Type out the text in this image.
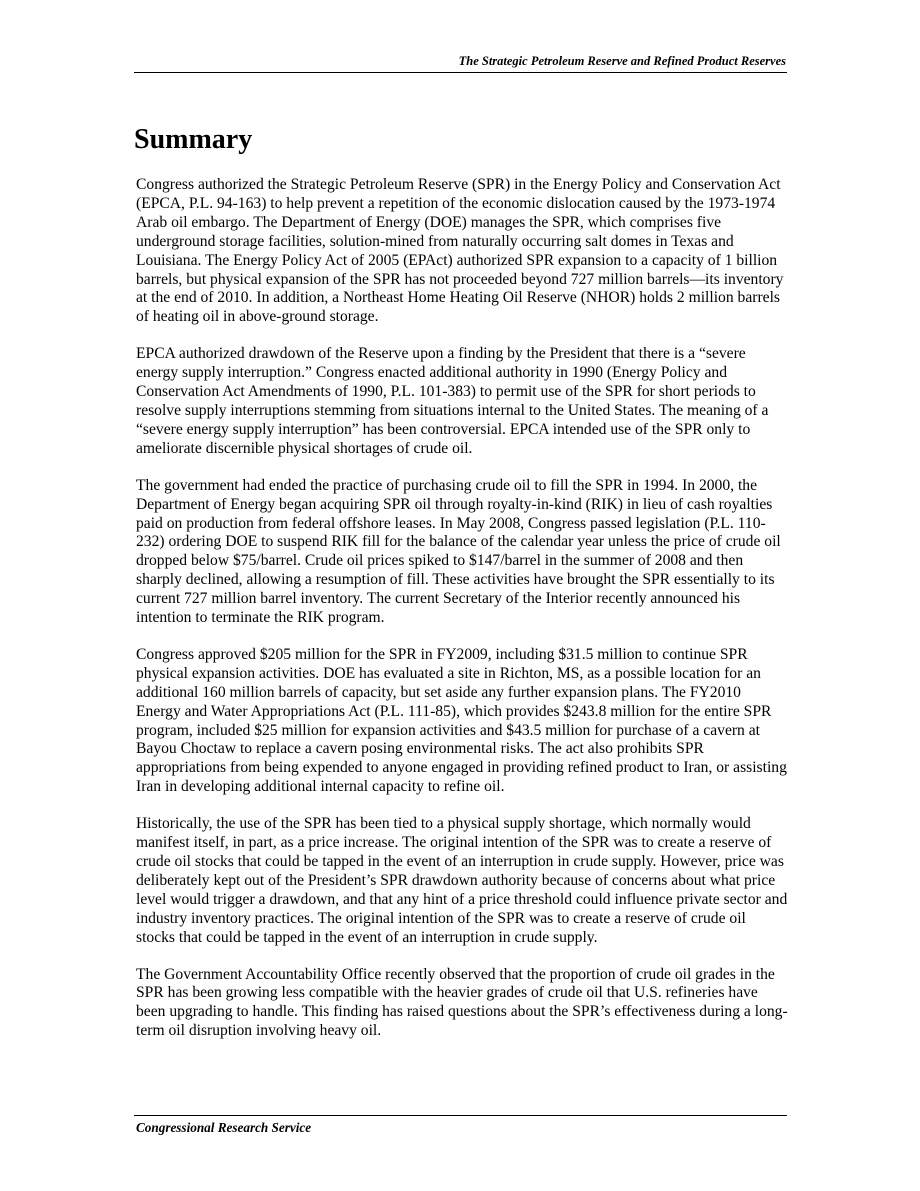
The Strategic Petroleum Reserve and Refined Product Reserves
Summary

Congress authorized the Strategic Petroleum Reserve (SPR) in the Energy Policy and Conservation Act (EPCA, P.L. 94-163) to help prevent a repetition of the economic dislocation caused by the 1973-1974 Arab oil embargo. The Department of Energy (DOE) manages the SPR, which comprises five underground storage facilities, solution-mined from naturally occurring salt domes in Texas and Louisiana. The Energy Policy Act of 2005 (EPAct) authorized SPR expansion to a capacity of 1 billion barrels, but physical expansion of the SPR has not proceeded beyond 727 million barrels—its inventory at the end of 2010. In addition, a Northeast Home Heating Oil Reserve (NHOR) holds 2 million barrels of heating oil in above-ground storage.

EPCA authorized drawdown of the Reserve upon a finding by the President that there is a “severe energy supply interruption.” Congress enacted additional authority in 1990 (Energy Policy and Conservation Act Amendments of 1990, P.L. 101-383) to permit use of the SPR for short periods to resolve supply interruptions stemming from situations internal to the United States. The meaning of a “severe energy supply interruption” has been controversial. EPCA intended use of the SPR only to ameliorate discernible physical shortages of crude oil.

The government had ended the practice of purchasing crude oil to fill the SPR in 1994. In 2000, the Department of Energy began acquiring SPR oil through royalty-in-kind (RIK) in lieu of cash royalties paid on production from federal offshore leases. In May 2008, Congress passed legislation (P.L. 110-232) ordering DOE to suspend RIK fill for the balance of the calendar year unless the price of crude oil dropped below $75/barrel. Crude oil prices spiked to $147/barrel in the summer of 2008 and then sharply declined, allowing a resumption of fill. These activities have brought the SPR essentially to its current 727 million barrel inventory. The current Secretary of the Interior recently announced his intention to terminate the RIK program.

Congress approved $205 million for the SPR in FY2009, including $31.5 million to continue SPR physical expansion activities. DOE has evaluated a site in Richton, MS, as a possible location for an additional 160 million barrels of capacity, but set aside any further expansion plans. The FY2010 Energy and Water Appropriations Act (P.L. 111-85), which provides $243.8 million for the entire SPR program, included $25 million for expansion activities and $43.5 million for purchase of a cavern at Bayou Choctaw to replace a cavern posing environmental risks. The act also prohibits SPR appropriations from being expended to anyone engaged in providing refined product to Iran, or assisting Iran in developing additional internal capacity to refine oil.

Historically, the use of the SPR has been tied to a physical supply shortage, which normally would manifest itself, in part, as a price increase. The original intention of the SPR was to create a reserve of crude oil stocks that could be tapped in the event of an interruption in crude supply. However, price was deliberately kept out of the President’s SPR drawdown authority because of concerns about what price level would trigger a drawdown, and that any hint of a price threshold could influence private sector and industry inventory practices. The original intention of the SPR was to create a reserve of crude oil stocks that could be tapped in the event of an interruption in crude supply.

The Government Accountability Office recently observed that the proportion of crude oil grades in the SPR has been growing less compatible with the heavier grades of crude oil that U.S. refineries have been upgrading to handle. This finding has raised questions about the SPR’s effectiveness during a long-term oil disruption involving heavy oil.

Congressional Research Service
